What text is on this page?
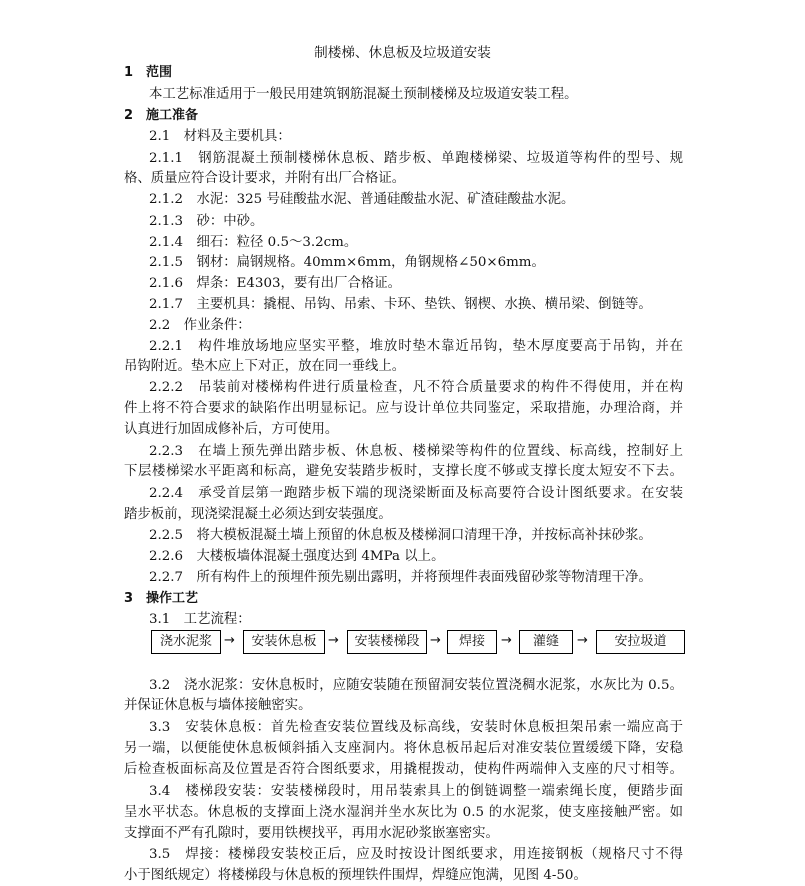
制楼梯、休息板及垃圾道安装
1　范围
本工艺标准适用于一般民用建筑钢筋混凝土预制楼梯及垃圾道安装工程。
2　施工准备
2.1　材料及主要机具：
2.1.1　钢筋混凝土预制楼梯休息板、踏步板、单跑楼梯梁、垃圾道等构件的型号、规
格、质量应符合设计要求，并附有出厂合格证。
2.1.2　水泥：325 号硅酸盐水泥、普通硅酸盐水泥、矿渣硅酸盐水泥。
2.1.3　砂：中砂。
2.1.4　细石：粒径 0.5～3.2cm。
2.1.5　钢材：扁钢规格。40mm×6mm，角钢规格∠50×6mm。
2.1.6　焊条：E4303，要有出厂合格证。
2.1.7　主要机具：撬棍、吊钩、吊索、卡环、垫铁、钢楔、水换、横吊梁、倒链等。
2.2　作业条件：
2.2.1　构件堆放场地应坚实平整，堆放时垫木靠近吊钩，垫木厚度要高于吊钩，并在
吊钩附近。垫木应上下对正，放在同一垂线上。
2.2.2　吊装前对楼梯构件进行质量检查，凡不符合质量要求的构件不得使用，并在构
件上将不符合要求的缺陷作出明显标记。应与设计单位共同鉴定，采取措施，办理洽商，并
认真进行加固成修补后，方可使用。
2.2.3　在墙上预先弹出踏步板、休息板、楼梯梁等构件的位置线、标高线，控制好上
下层楼梯梁水平距离和标高，避免安装踏步板时，支撑长度不够或支撑长度太短安不下去。
2.2.4　承受首层第一跑踏步板下端的现浇梁断面及标高要符合设计图纸要求。在安装
踏步板前，现浇梁混凝土必须达到安装强度。
2.2.5　将大模板混凝土墙上预留的休息板及楼梯洞口清理干净，并按标高补抹砂浆。
2.2.6　大楼板墙体混凝土强度达到 4MPa 以上。
2.2.7　所有构件上的预埋件预先剔出露明，并将预埋件表面残留砂浆等物清理干净。
3　操作工艺
3.1　工艺流程：
浇水泥浆 →	安装休息板 →	安装楼梯段 →	焊接	→	灌缝	→	安拉圾道
3.2　浇水泥浆：安休息板时，应随安装随在预留洞安装位置浇稠水泥浆，水灰比为 0.5。
并保证休息板与墙体接触密实。
3.3　安装休息板：首先检查安装位置线及标高线，安装时休息板担架吊索一端应高于
另一端，以便能使休息板倾斜插入支座洞内。将休息板吊起后对准安装位置缓缓下降，安稳
后检查板面标高及位置是否符合图纸要求，用撬棍拨动，使构件两端伸入支座的尺寸相等。
3.4　楼梯段安装：安装楼梯段时，用吊装索具上的倒链调整一端索绳长度，便踏步面
呈水平状态。休息板的支撑面上浇水湿润并坐水灰比为 0.5 的水泥浆，使支座接触严密。如
支撑面不严有孔隙时，要用铁楔找平，再用水泥砂浆嵌塞密实。
3.5　焊接：楼梯段安装校正后，应及时按设计图纸要求，用连接钢板（规格尺寸不得
小于图纸规定）将楼梯段与休息板的预埋铁件围焊，焊缝应饱满，见图 4-50。
